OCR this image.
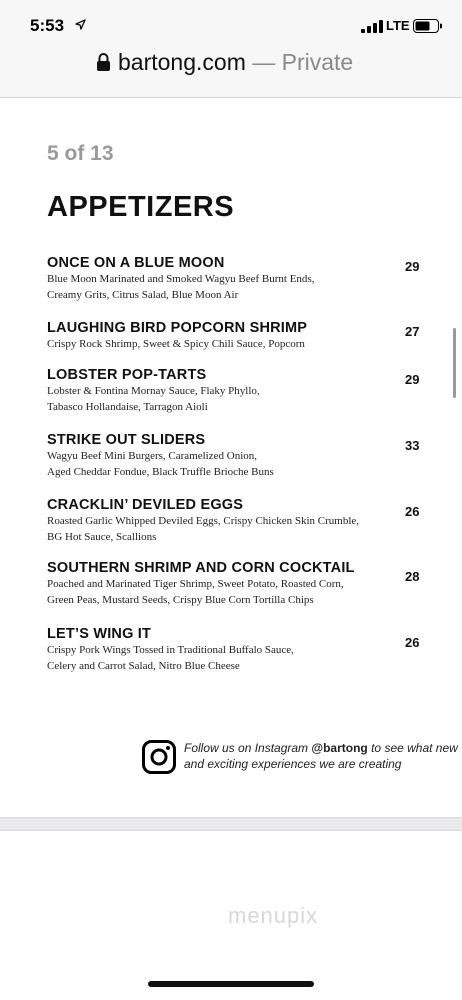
5:53	LTE
bartong.com — Private
5 of 13
APPETIZERS
ONCE ON A BLUE MOON
Blue Moon Marinated and Smoked Wagyu Beef Burnt Ends,
Creamy Grits, Citrus Salad, Blue Moon Air
29
LAUGHING BIRD POPCORN SHRIMP
Crispy Rock Shrimp, Sweet & Spicy Chili Sauce, Popcorn
27
LOBSTER POP-TARTS
Lobster & Fontina Mornay Sauce, Flaky Phyllo,
Tabasco Hollandaise, Tarragon Aioli
29
STRIKE OUT SLIDERS
Wagyu Beef Mini Burgers, Caramelized Onion,
Aged Cheddar Fondue, Black Truffle Brioche Buns
33
CRACKLIN’ DEVILED EGGS
Roasted Garlic Whipped Deviled Eggs, Crispy Chicken Skin Crumble,
BG Hot Sauce, Scallions
26
SOUTHERN SHRIMP AND CORN COCKTAIL
Poached and Marinated Tiger Shrimp, Sweet Potato, Roasted Corn,
Green Peas, Mustard Seeds, Crispy Blue Corn Tortilla Chips
28
LET’S WING IT
Crispy Pork Wings Tossed in Traditional Buffalo Sauce,
Celery and Carrot Salad, Nitro Blue Cheese
26
Follow us on Instagram @bartong to see what new
and exciting experiences we are creating
menupix
